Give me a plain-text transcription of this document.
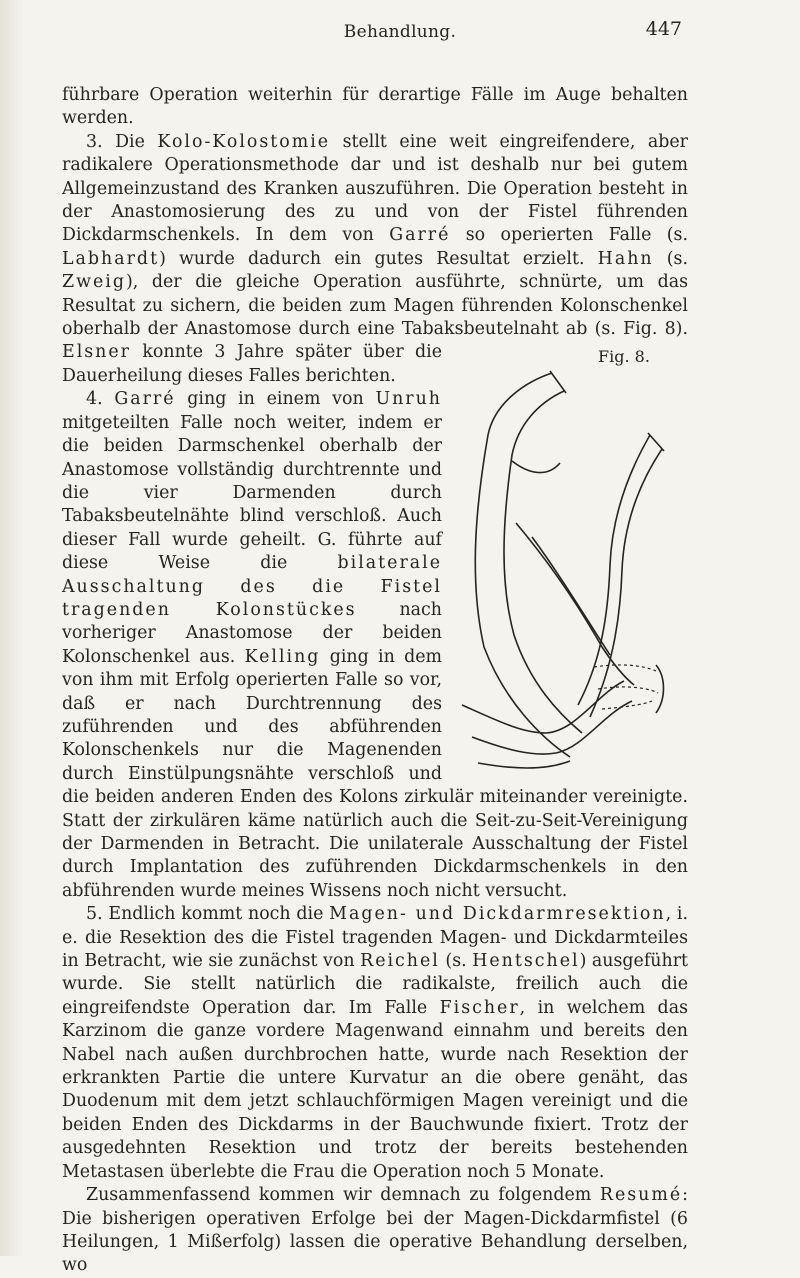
Behandlung.	447

führbare Operation weiterhin für derartige Fälle im Auge behalten werden.

3. Die Kolo-Kolostomie stellt eine weit eingreifendere, aber radikalere Operationsmethode dar und ist deshalb nur bei gutem Allgemeinzustand des Kranken auszuführen. Die Operation besteht in der Anastomosierung des zu und von der Fistel führenden Dickdarmschenkels. In dem von Garré so operierten Falle (s. Labhardt) wurde dadurch ein gutes Resultat erzielt. Hahn (s. Zweig), der die gleiche Operation ausführte, schnürte, um das Resultat zu sichern, die beiden zum Magen führenden Kolonschenkel oberhalb der Anastomose durch eine Tabaksbeutelnaht ab (s. Fig. 8).
Fig. 8.
Elsner konnte 3 Jahre später über die Dauerheilung dieses Falles berichten.

4. Garré ging in einem von Unruh mitgeteilten Falle noch weiter, indem er die beiden Darmschenkel oberhalb der Anastomose vollständig durchtrennte und die vier Darmenden durch Tabaksbeutelnähte blind verschloß. Auch dieser Fall wurde geheilt. G. führte auf diese Weise die bilaterale Ausschaltung des die Fistel tragenden Kolonstückes nach vorheriger Anastomose der beiden Kolonschenkel aus. Kelling ging in dem von ihm mit Erfolg operierten Falle so vor, daß er nach Durchtrennung des zuführenden und des abführenden Kolonschenkels nur die Magenenden durch Einstülpungsnähte verschloß und die beiden anderen Enden des Kolons zirkulär miteinander vereinigte. Statt der zirkulären käme natürlich auch die Seit-zu-Seit-Vereinigung der Darmenden in Betracht. Die unilaterale Ausschaltung der Fistel durch Implantation des zuführenden Dickdarmschenkels in den abführenden wurde meines Wissens noch nicht versucht.

5. Endlich kommt noch die Magen- und Dickdarmresektion, i. e. die Resektion des die Fistel tragenden Magen- und Dickdarmteiles in Betracht, wie sie zunächst von Reichel (s. Hentschel) ausgeführt wurde. Sie stellt natürlich die radikalste, freilich auch die eingreifendste Operation dar. Im Falle Fischer, in welchem das Karzinom die ganze vordere Magenwand einnahm und bereits den Nabel nach außen durchbrochen hatte, wurde nach Resektion der erkrankten Partie die untere Kurvatur an die obere genäht, das Duodenum mit dem jetzt schlauchförmigen Magen vereinigt und die beiden Enden des Dickdarms in der Bauchwunde fixiert. Trotz der ausgedehnten Resektion und trotz der bereits bestehenden Metastasen überlebte die Frau die Operation noch 5 Monate.

Zusammenfassend kommen wir demnach zu folgendem Resumé: Die bisherigen operativen Erfolge bei der Magen-Dickdarmfistel (6 Heilungen, 1 Mißerfolg) lassen die operative Behandlung derselben, wo
